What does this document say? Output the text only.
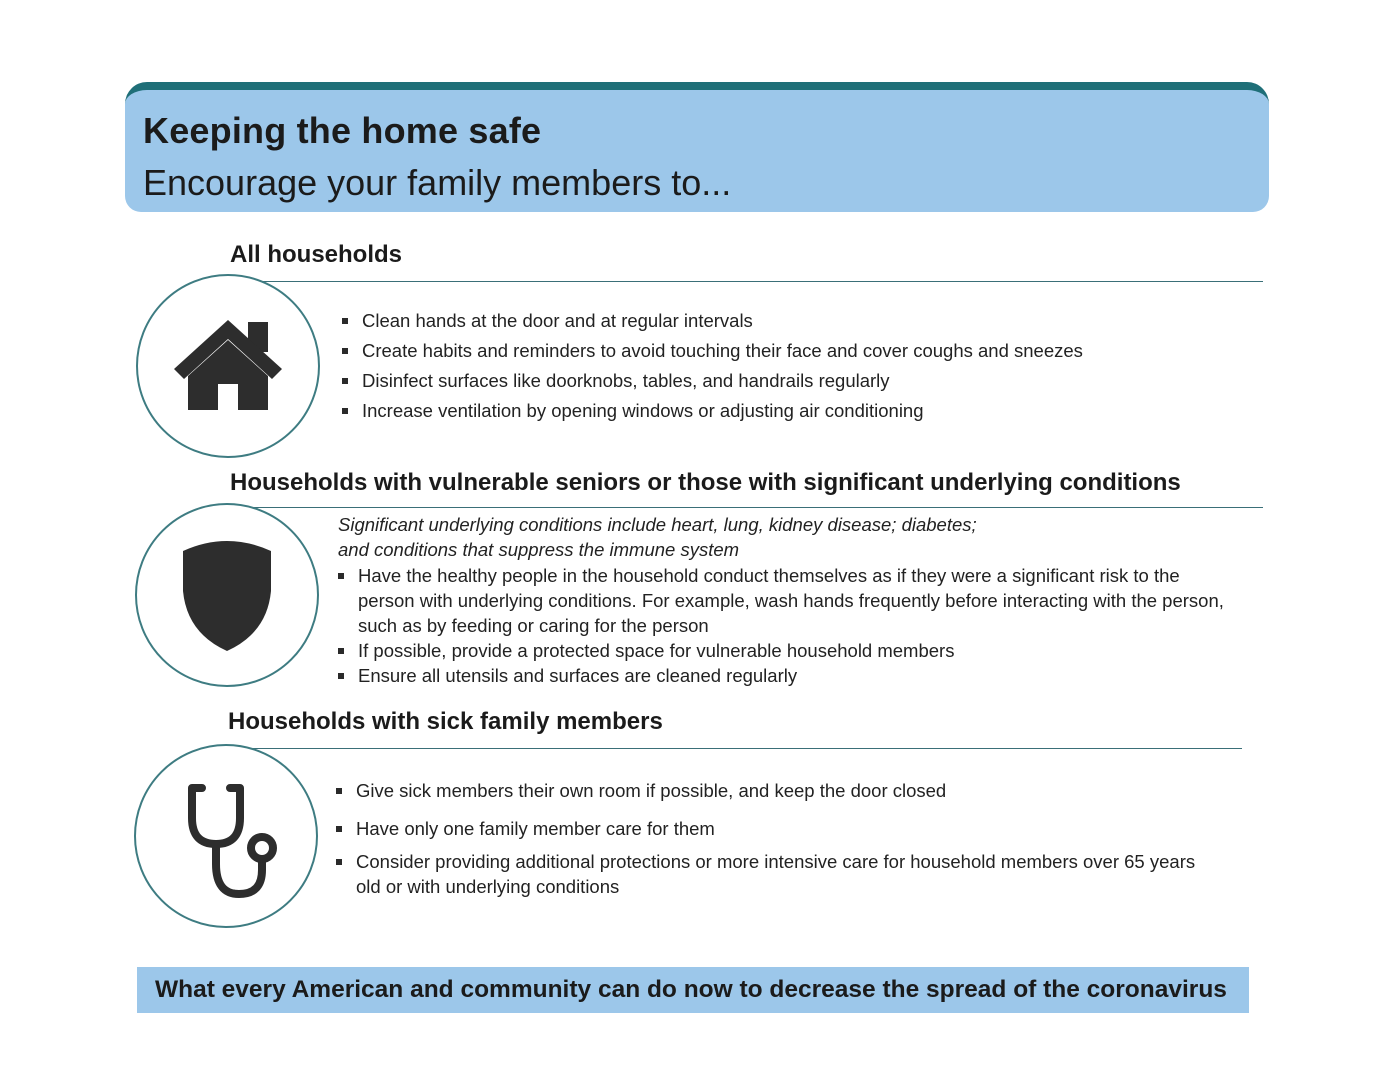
Keeping the home safe
Encourage your family members to...
All households
Clean hands at the door and at regular intervals
Create habits and reminders to avoid touching their face and cover coughs and sneezes
Disinfect surfaces like doorknobs, tables, and handrails regularly
Increase ventilation by opening windows or adjusting air conditioning
Households with vulnerable seniors or those with significant underlying conditions
Significant underlying conditions include heart, lung, kidney disease; diabetes;
and conditions that suppress the immune system
Have the healthy people in the household conduct themselves as if they were a significant risk to the person with underlying conditions. For example, wash hands frequently before interacting with the person, such as by feeding or caring for the person
If possible, provide a protected space for vulnerable household members
Ensure all utensils and surfaces are cleaned regularly
Households with sick family members
Give sick members their own room if possible, and keep the door closed
Have only one family member care for them
Consider providing additional protections or more intensive care for household members over 65 years old or with underlying conditions
What every American and community can do now to decrease the spread of the coronavirus
